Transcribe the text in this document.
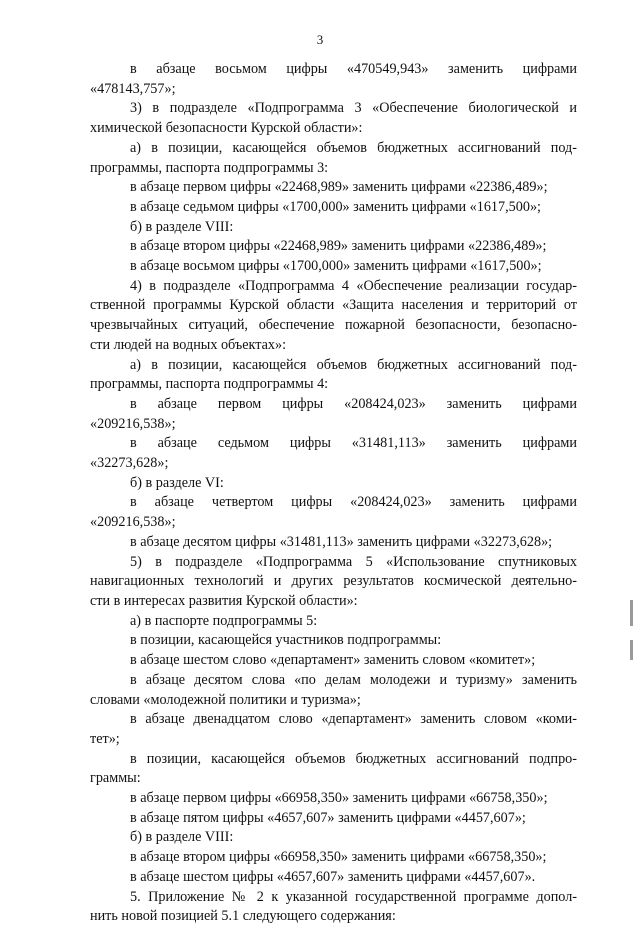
3

в абзаце восьмом цифры «470549,943» заменить цифрами

«478143,757»;

3) в подразделе «Подпрограмма 3 «Обеспечение биологической и

химической безопасности Курской области»:

а) в позиции, касающейся объемов бюджетных ассигнований под-

программы, паспорта подпрограммы 3:

в абзаце первом цифры «22468,989» заменить цифрами «22386,489»;

в абзаце седьмом цифры «1700,000» заменить цифрами «1617,500»;

б) в разделе VIII:

в абзаце втором цифры «22468,989» заменить цифрами «22386,489»;

в абзаце восьмом цифры «1700,000» заменить цифрами «1617,500»;

4) в подразделе «Подпрограмма 4 «Обеспечение реализации государ-

ственной программы Курской области «Защита населения и территорий от

чрезвычайных ситуаций, обеспечение пожарной безопасности, безопасно-

сти людей на водных объектах»:

а) в позиции, касающейся объемов бюджетных ассигнований под-

программы, паспорта подпрограммы 4:

в абзаце первом цифры «208424,023» заменить цифрами

«209216,538»;

в абзаце седьмом цифры «31481,113» заменить цифрами

«32273,628»;

б) в разделе VI:

в абзаце четвертом цифры «208424,023» заменить цифрами

«209216,538»;

в абзаце десятом цифры «31481,113» заменить цифрами «32273,628»;

5) в подразделе «Подпрограмма 5 «Использование спутниковых

навигационных технологий и других результатов космической деятельно-

сти в интересах развития Курской области»:

а) в паспорте подпрограммы 5:

в позиции, касающейся участников подпрограммы:

в абзаце шестом слово «департамент» заменить словом «комитет»;

в абзаце десятом слова «по делам молодежи и туризму» заменить

словами «молодежной политики и туризма»;

в абзаце двенадцатом слово «департамент» заменить словом «коми-

тет»;

в позиции, касающейся объемов бюджетных ассигнований подпро-

граммы:

в абзаце первом цифры «66958,350» заменить цифрами «66758,350»;

в абзаце пятом цифры «4657,607» заменить цифрами «4457,607»;

б) в разделе VIII:

в абзаце втором цифры «66958,350» заменить цифрами «66758,350»;

в абзаце шестом цифры «4657,607» заменить цифрами «4457,607».

5. Приложение № 2 к указанной государственной программе допол-

нить новой позицией 5.1 следующего содержания:
